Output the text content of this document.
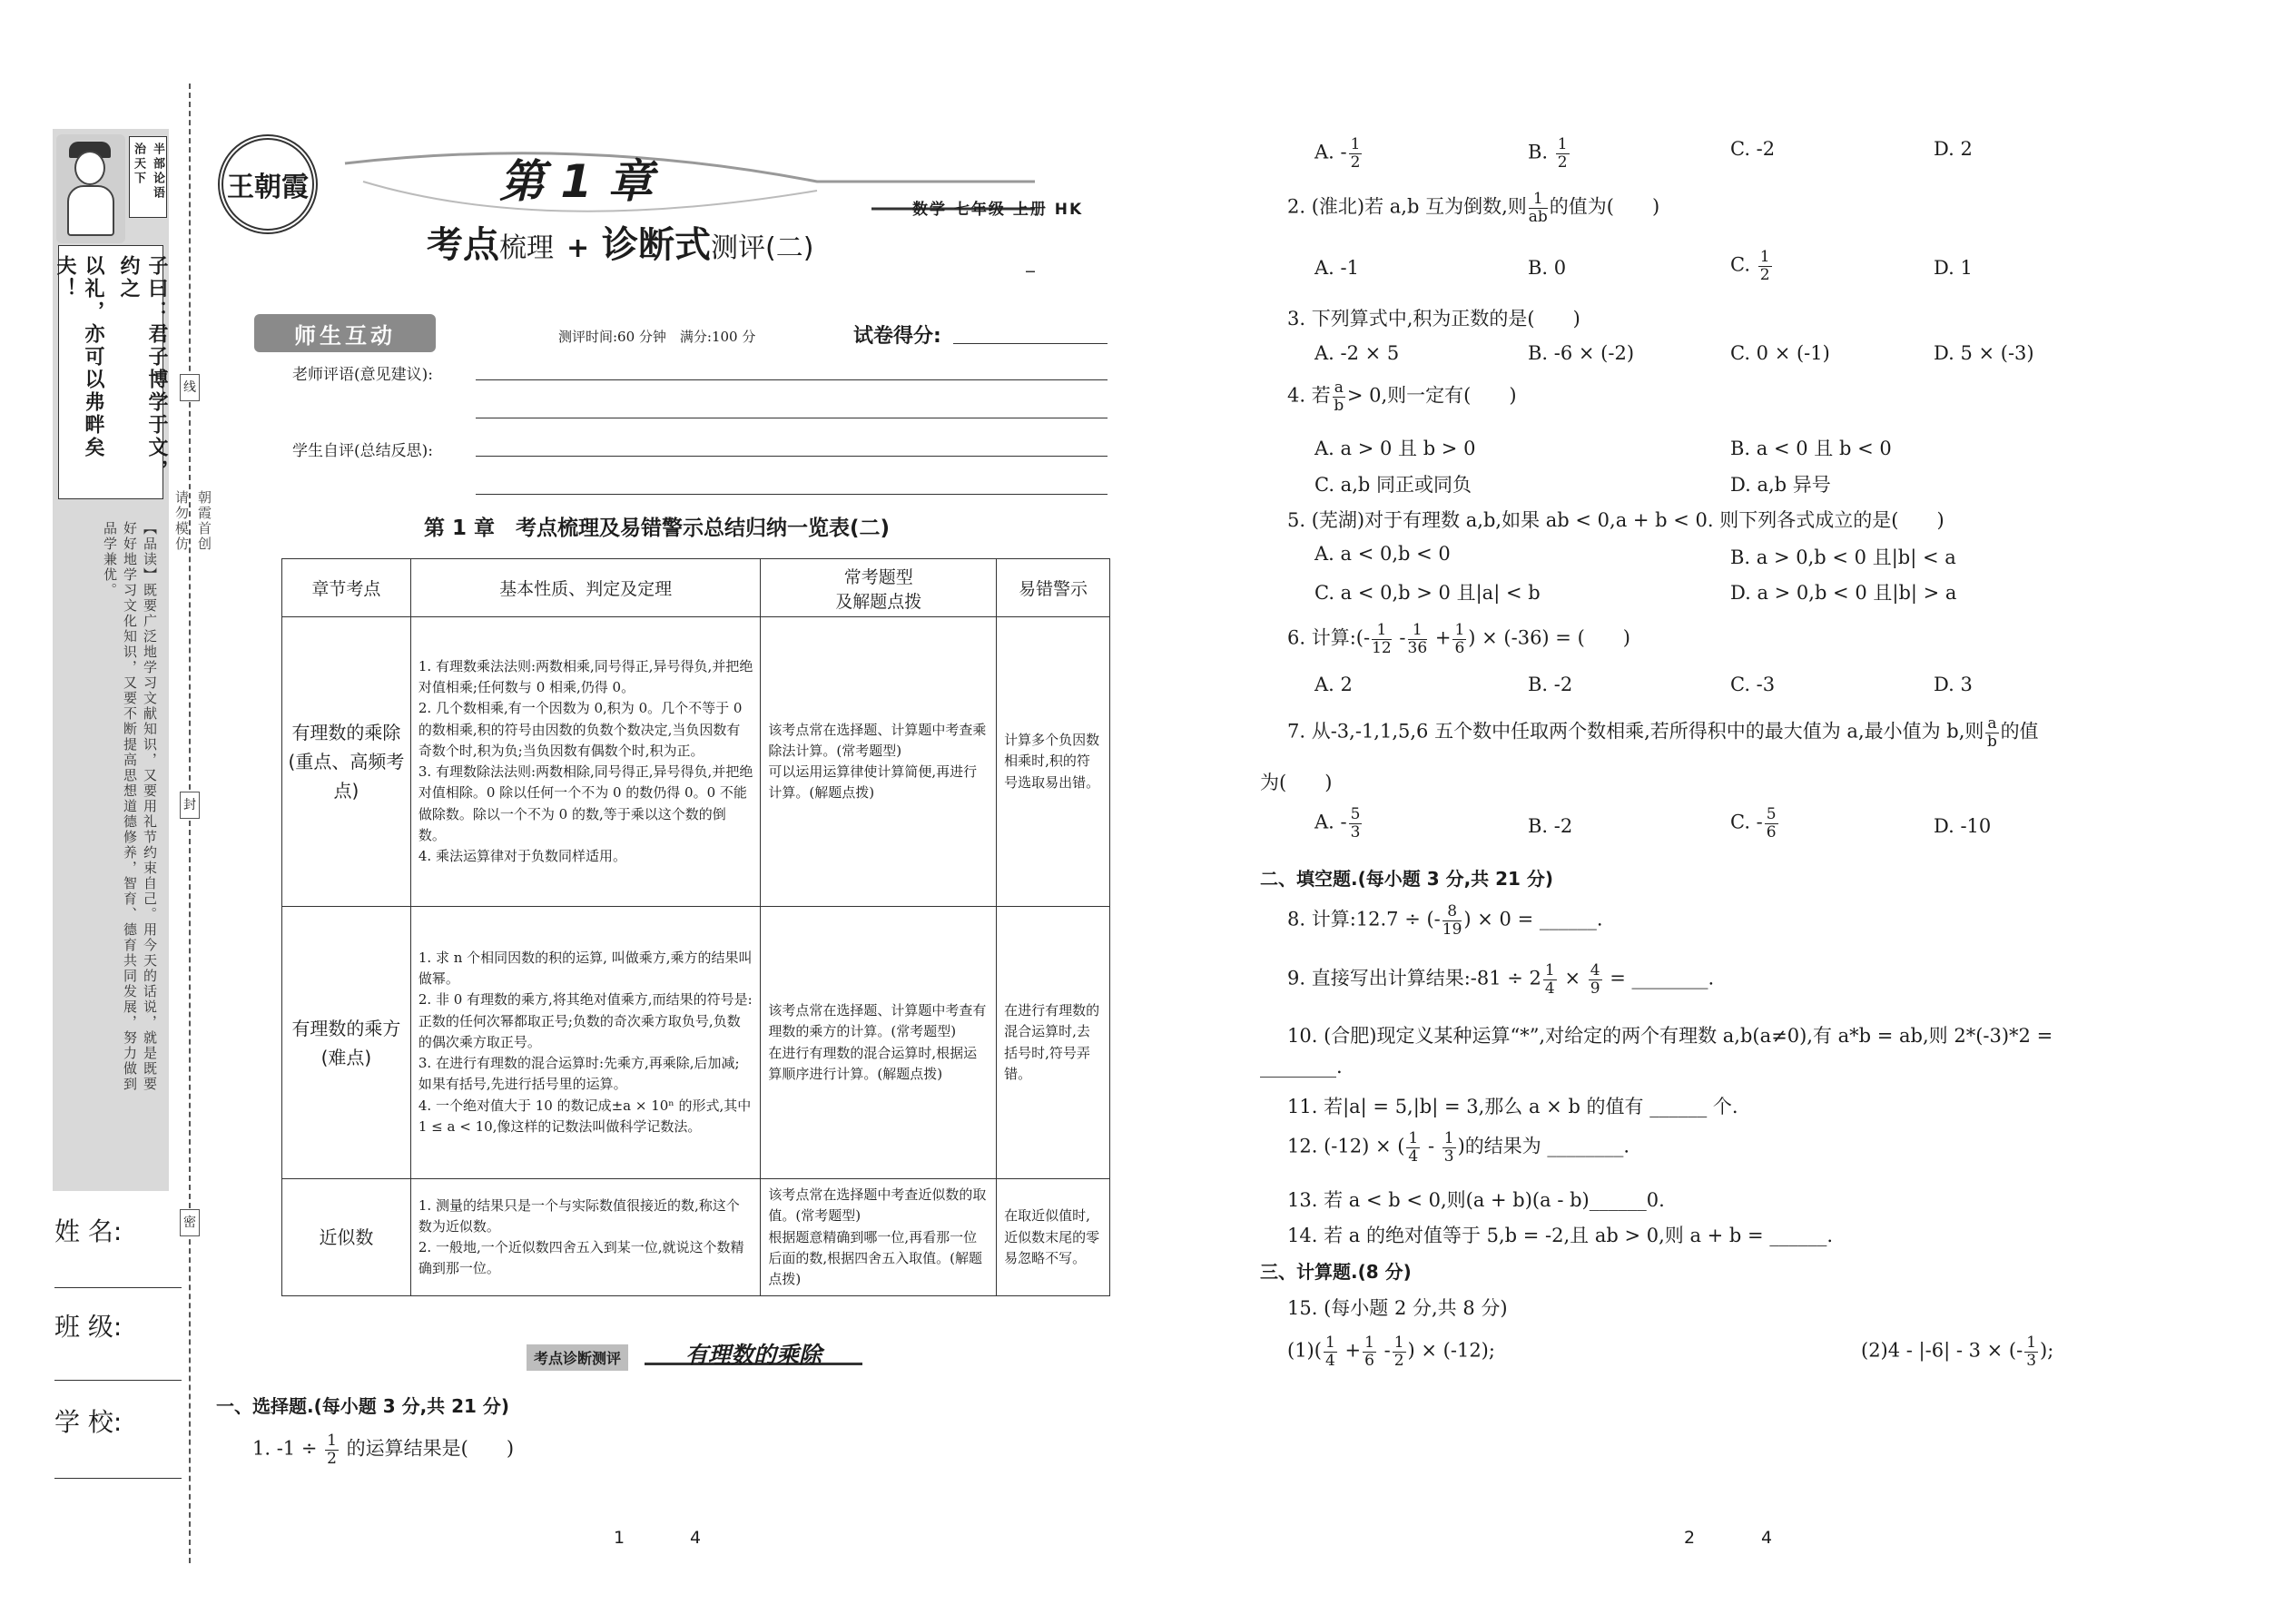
半部论语
治天下
子曰：君子博学于文，约之
以礼，亦可以弗畔矣夫！
【品读】既要广泛地学习文献知识，又要用礼节约束自己。用今天的话说，就是既要
好好地学习文化知识，又要不断提高思想道德修养，智育、德育共同发展，努力做到
品学兼优。
姓 名:
班 级:
学 校:
线
封
密
朝霞首创
请勿模仿
王朝霞	第 1 章
考点梳理 + 诊断式测评(二)
数学 七年级 上册 HK
师生互动	测评时间:60 分钟　满分:100 分	试卷得分:
老师评语(意见建议):
学生自评(总结反思):
第 1 章　考点梳理及易错警示总结归纳一览表(二)
章节考点	基本性质、判定及定理	常考题型
及解题点拨	易错警示
有理数的乘除(重点、高频考点)	1. 有理数乘法法则:两数相乘,同号得正,异号得负,并把绝对值相乘;任何数与 0 相乘,仍得 0。
2. 几个数相乘,有一个因数为 0,积为 0。几个不等于 0 的数相乘,积的符号由因数的负数个数决定,当负因数有奇数个时,积为负;当负因数有偶数个时,积为正。
3. 有理数除法法则:两数相除,同号得正,异号得负,并把绝对值相除。0 除以任何一个不为 0 的数仍得 0。0 不能做除数。除以一个不为 0 的数,等于乘以这个数的倒数。
4. 乘法运算律对于负数同样适用。	该考点常在选择题、计算题中考查乘除法计算。(常考题型)
可以运用运算律使计算简便,再进行计算。(解题点拨)	计算多个负因数相乘时,积的符号选取易出错。
有理数的乘方(难点)	1. 求 n 个相同因数的积的运算, 叫做乘方,乘方的结果叫做幂。
2. 非 0 有理数的乘方,将其绝对值乘方,而结果的符号是:正数的任何次幂都取正号;负数的奇次乘方取负号,负数的偶次乘方取正号。
3. 在进行有理数的混合运算时:先乘方,再乘除,后加减;如果有括号,先进行括号里的运算。
4. 一个绝对值大于 10 的数记成±a × 10ⁿ 的形式,其中 1 ≤ a < 10,像这样的记数法叫做科学记数法。	该考点常在选择题、计算题中考查有理数的乘方的计算。(常考题型)
在进行有理数的混合运算时,根据运算顺序进行计算。(解题点拨)	在进行有理数的混合运算时,去括号时,符号弄错。
近似数	1. 测量的结果只是一个与实际数值很接近的数,称这个数为近似数。
2. 一般地,一个近似数四舍五入到某一位,就说这个数精确到那一位。	该考点常在选择题中考查近似数的取值。(常考题型)
根据题意精确到哪一位,再看那一位后面的数,根据四舍五入取值。(解题点拨)	在取近似值时,近似数末尾的零易忽略不写。
考点诊断测评	有理数的乘除
一、选择题.(每小题 3 分,共 21 分)
1. $-1 \div \frac{1}{2}$ 的运算结果是(　　)
1	4
A. - $\frac{1}{2}$	B. $\frac{1}{2}$	C. -2	D. 2
2. (淮北)若 a,b 互为倒数,则 $\frac{1}{ab}$ 的值为(　　)
A. -1	B. 0	C. $\frac{1}{2}$	D. 1
3. 下列算式中,积为正数的是(　　)
A. -2 × 5	B. -6 × (-2)	C. 0 × (-1)	D. 5 × (-3)
4. 若 $\frac{a}{b} > 0$,则一定有(　　)
A. a > 0 且 b > 0	B. a < 0 且 b < 0
C. a,b 同正或同负	D. a,b 异号
5. (芜湖)对于有理数 a,b,如果 ab < 0,a + b < 0. 则下列各式成立的是(　　)
A. a < 0,b < 0	B. a > 0,b < 0 且|b| < a
C. a < 0,b > 0 且|a| < b	D. a > 0,b < 0 且|b| > a
6. 计算:(- $\frac{1}{12} - \frac{1}{36} + \frac{1}{6}$ ) × (-36) = (　　)
A. 2	B. -2	C. -3	D. 3
7. 从-3,-1,1,5,6 五个数中任取两个数相乘,若所得积中的最大值为 a,最小值为 b,则 $\frac{a}{b}$ 的值
为(　　)
A. - $\frac{5}{3}$	B. -2	C. - $\frac{5}{6}$	D. -10
二、填空题.(每小题 3 分,共 21 分)
8. 计算:12.7 ÷ (- $\frac{8}{19}$ ) × 0 = ______.
9. 直接写出计算结果:-81 ÷ $2 \frac{1}{4} \times \frac{4}{9}$ = ________.
10. (合肥)现定义某种运算“*”,对给定的两个有理数 a,b(a≠0),有 a*b = ab,则 2*(-3)*2 =
________.
11. 若|a| = 5,|b| = 3,那么 a × b 的值有 ______ 个.
12. (-12) × ( $\frac{1}{4} - \frac{1}{3}$ )的结果为 ________.
13. 若 a < b < 0,则(a + b)(a - b)______0.
14. 若 a 的绝对值等于 5,b = -2,且 ab > 0,则 a + b = ______.
三、计算题.(8 分)
15. (每小题 2 分,共 8 分)
$(1)( \frac{1}{4} + \frac{1}{6} - \frac{1}{2}$ ) × (-12);	(2)4 - |-6| - 3 × (- $\frac{1}{3}$ );
2	4
